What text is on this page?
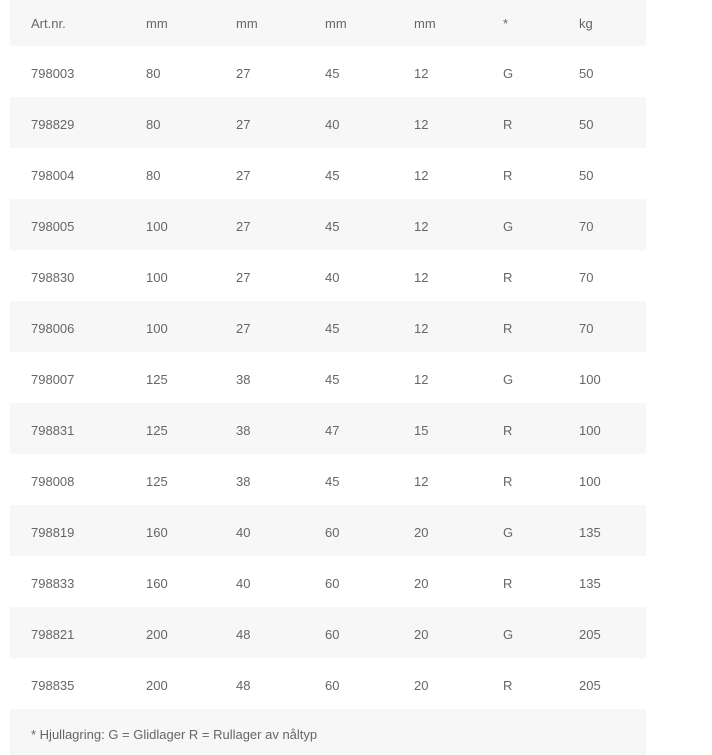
Art.nr.	mm	mm	mm	mm	*	kg
798003	80	27	45	12	G	50
798829	80	27	40	12	R	50
798004	80	27	45	12	R	50
798005	100	27	45	12	G	70
798830	100	27	40	12	R	70
798006	100	27	45	12	R	70
798007	125	38	45	12	G	100
798831	125	38	47	15	R	100
798008	125	38	45	12	R	100
798819	160	40	60	20	G	135
798833	160	40	60	20	R	135
798821	200	48	60	20	G	205
798835	200	48	60	20	R	205
* Hjullagring: G = Glidlager R = Rullager av nåltyp
